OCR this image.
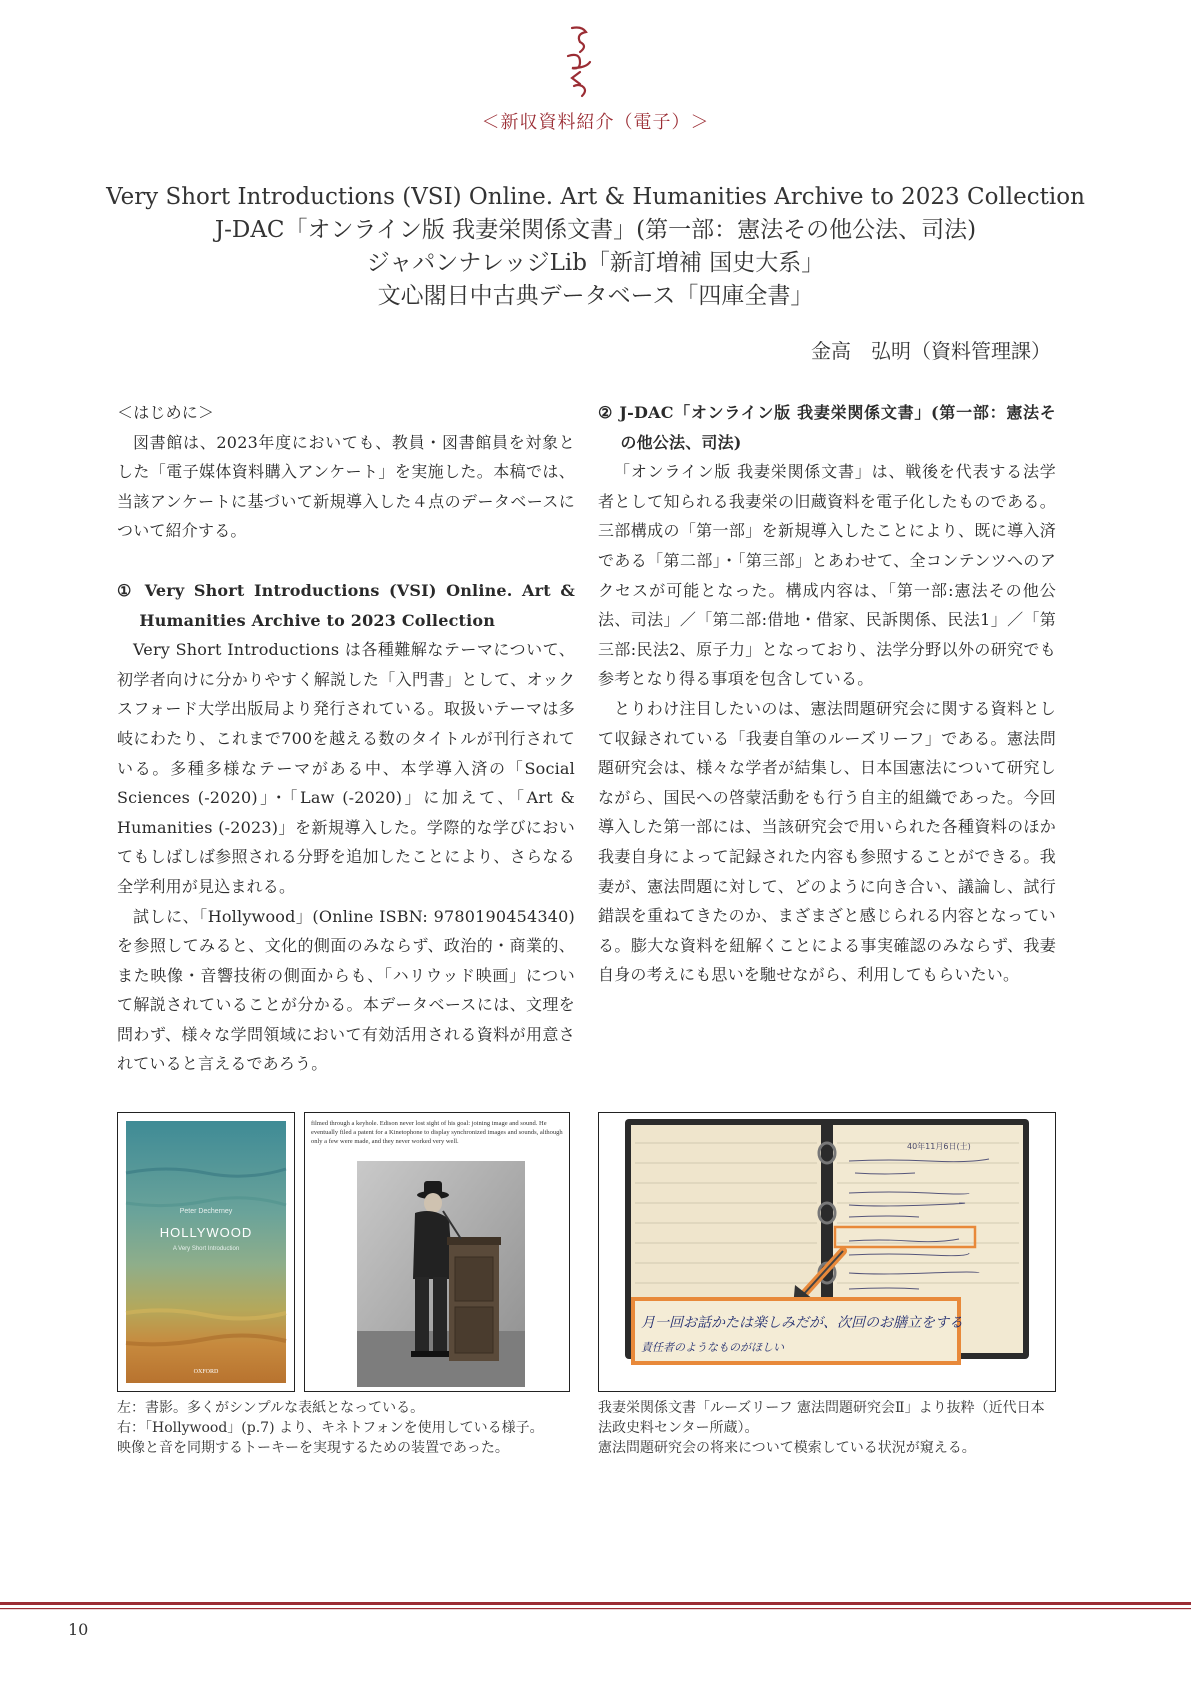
＜新収資料紹介（電子）＞
Very Short Introductions (VSI) Online. Art & Humanities Archive to 2023 Collection
J-DAC「オンライン版 我妻栄関係文書」(第一部：憲法その他公法、司法)
ジャパンナレッジLib「新訂増補 国史大系」
文心閣日中古典データベース「四庫全書」
金高　弘明（資料管理課）
＜はじめに＞

図書館は、2023年度においても、教員・図書館員を対象とした「電子媒体資料購入アンケート」を実施した。本稿では、当該アンケートに基づいて新規導入した４点のデータベースについて紹介する。

① Very Short Introductions (VSI) Online. Art & Humanities Archive to 2023 Collection

Very Short Introductions は各種難解なテーマについて、初学者向けに分かりやすく解説した「入門書」として、オックスフォード大学出版局より発行されている。取扱いテーマは多岐にわたり、これまで700を越える数のタイトルが刊行されている。多種多様なテーマがある中、本学導入済の「Social Sciences (-2020)」・「Law (-2020)」に加えて、「Art & Humanities (-2023)」を新規導入した。学際的な学びにおいてもしばしば参照される分野を追加したことにより、さらなる全学利用が見込まれる。

試しに、「Hollywood」(Online ISBN: 9780190454340)を参照してみると、文化的側面のみならず、政治的・商業的、また映像・音響技術の側面からも、「ハリウッド映画」について解説されていることが分かる。本データベースには、文理を問わず、様々な学問領域において有効活用される資料が用意されていると言えるであろう。

② J-DAC「オンライン版 我妻栄関係文書」(第一部：憲法その他公法、司法)

「オンライン版 我妻栄関係文書」は、戦後を代表する法学者として知られる我妻栄の旧蔵資料を電子化したものである。三部構成の「第一部」を新規導入したことにより、既に導入済である「第二部」・「第三部」とあわせて、全コンテンツへのアクセスが可能となった。構成内容は、「第一部:憲法その他公法、司法」／「第二部:借地・借家、民訴関係、民法1」／「第三部:民法2、原子力」となっており、法学分野以外の研究でも参考となり得る事項を包含している。

とりわけ注目したいのは、憲法問題研究会に関する資料として収録されている「我妻自筆のルーズリーフ」である。憲法問題研究会は、様々な学者が結集し、日本国憲法について研究しながら、国民への啓蒙活動をも行う自主的組織であった。今回導入した第一部には、当該研究会で用いられた各種資料のほか我妻自身によって記録された内容も参照することができる。我妻が、憲法問題に対して、どのように向き合い、議論し、試行錯誤を重ねてきたのか、まざまざと感じられる内容となっている。膨大な資料を紐解くことによる事実確認のみならず、我妻自身の考えにも思いを馳せながら、利用してもらいたい。

Peter Decherney
HOLLYWOOD
A Very Short Introduction
OXFORD
filmed through a keyhole. Edison never lost sight of his goal: joining image and sound. He eventually filed a patent for a Kinetophone to display synchronized images and sounds, although only a few were made, and they never worked very well.
40年11月6日(土)
月一回お話かたは楽しみだが、次回のお膳立をする
責任者のようなものがほしい
左：書影。多くがシンプルな表紙となっている。
右：「Hollywood」(p.7) より、キネトフォンを使用している様子。
映像と音を同期するトーキーを実現するための装置であった。
我妻栄関係文書「ルーズリーフ 憲法問題研究会Ⅱ」より抜粋（近代日本法政史料センター所蔵）。
憲法問題研究会の将来について模索している状況が窺える。
10
